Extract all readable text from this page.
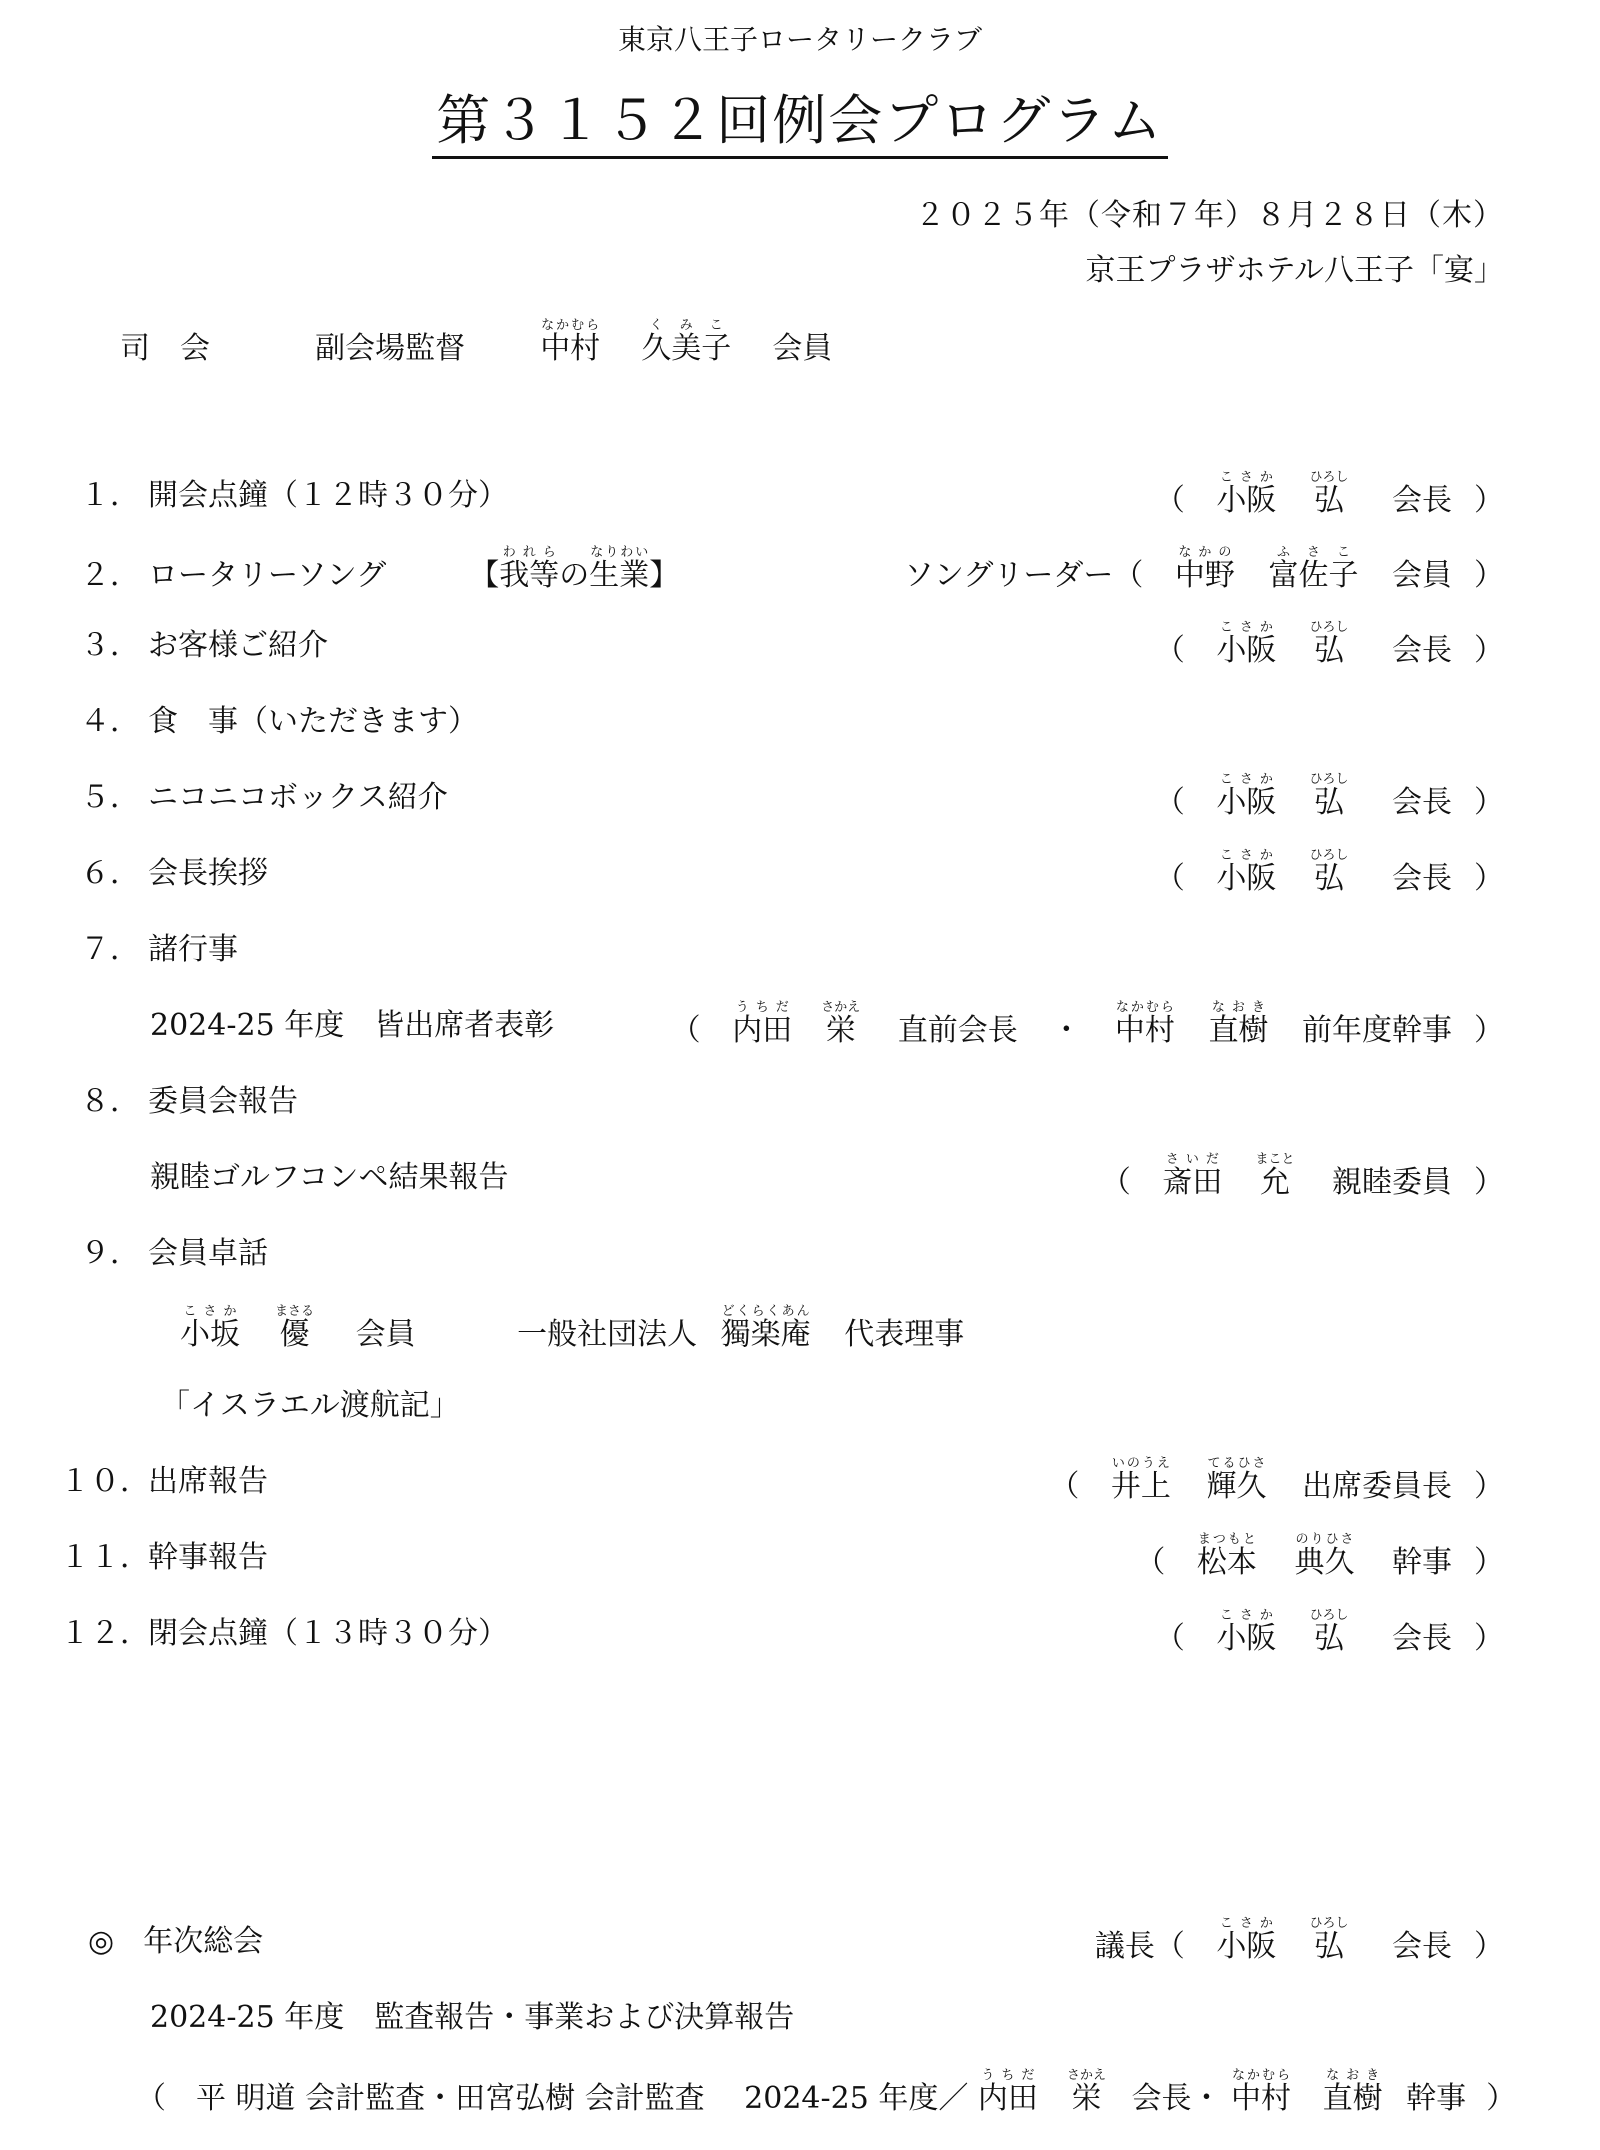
東京八王子ロータリークラブ
第３１５２回例会プログラム
２０２５年（令和７年）８月２８日（木）
京王プラザホテル八王子「宴」
司　会	副会場監督	中村なかむら  久美子くみこ  会員
１． 開会点鐘（１２時３０分）	（ 小阪こさか 弘ひろし 会長 ）
２． ロータリーソング	【我等われらの生業なりわい】	ソングリーダー（ 中野なかの 富佐子ふさこ 会員 ）
３． お客様ご紹介	（ 小阪こさか 弘ひろし 会長 ）
４． 食　事（いただきます）
５． ニコニコボックス紹介	（ 小阪こさか 弘ひろし 会長 ）
６． 会長挨拶	（ 小阪こさか 弘ひろし 会長 ）
７． 諸行事
2024-25 年度　皆出席者表彰	（ 内田うちだ 栄さかえ 直前会長 ・ 中村なかむら 直樹なおき 前年度幹事 ）
８． 委員会報告
親睦ゴルフコンペ結果報告	（ 斎田さいだ 允まこと 親睦委員 ）
９． 会員卓話
小坂こさか 優まさる 会員	一般社団法人 獨楽庵どくらくあん 代表理事
「イスラエル渡航記」
１０．出席報告	（ 井上いのうえ 輝久てるひさ 出席委員長 ）
１１．幹事報告	（ 松本まつもと 典久のりひさ 幹事 ）
１２．閉会点鐘（１３時３０分）	（ 小阪こさか 弘ひろし 会長 ）
◎ 年次総会	議長（ 小阪こさか 弘ひろし 会長 ）
2024-25 年度　監査報告・事業および決算報告
（　平 明道 会計監査・田宮弘樹 会計監査　 2024-25 年度／ 内田うちだ 栄さかえ 会長・ 中村なかむら 直樹なおき 幹事 ）
